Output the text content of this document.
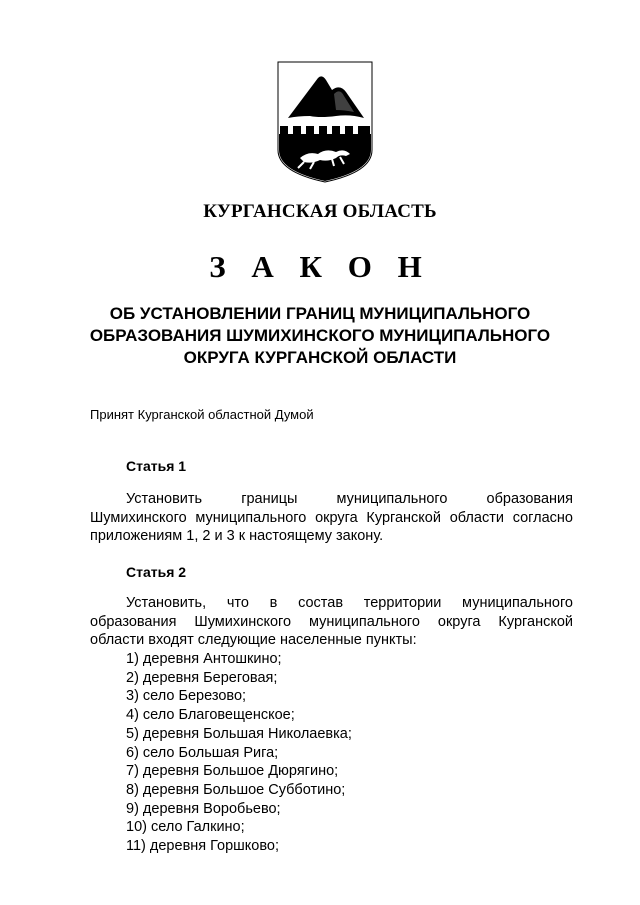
КУРГАНСКАЯ ОБЛАСТЬ
З А К О Н
ОБ УСТАНОВЛЕНИИ ГРАНИЦ МУНИЦИПАЛЬНОГО
ОБРАЗОВАНИЯ ШУМИХИНСКОГО МУНИЦИПАЛЬНОГО
ОКРУГА КУРГАНСКОЙ ОБЛАСТИ
Принят Курганской областной Думой
Статья 1
Установить границы муниципального образования
Шумихинского муниципального округа Курганской области согласно
приложениям 1, 2 и 3 к настоящему закону.
Статья 2
Установить, что в состав территории муниципального
образования Шумихинского муниципального округа Курганской
области входят следующие населенные пункты:
1) деревня Антошкино;
2) деревня Береговая;
3) село Березово;
4) село Благовещенское;
5) деревня Большая Николаевка;
6) село Большая Рига;
7) деревня Большое Дюрягино;
8) деревня Большое Субботино;
9) деревня Воробьево;
10) село Галкино;
11) деревня Горшково;
